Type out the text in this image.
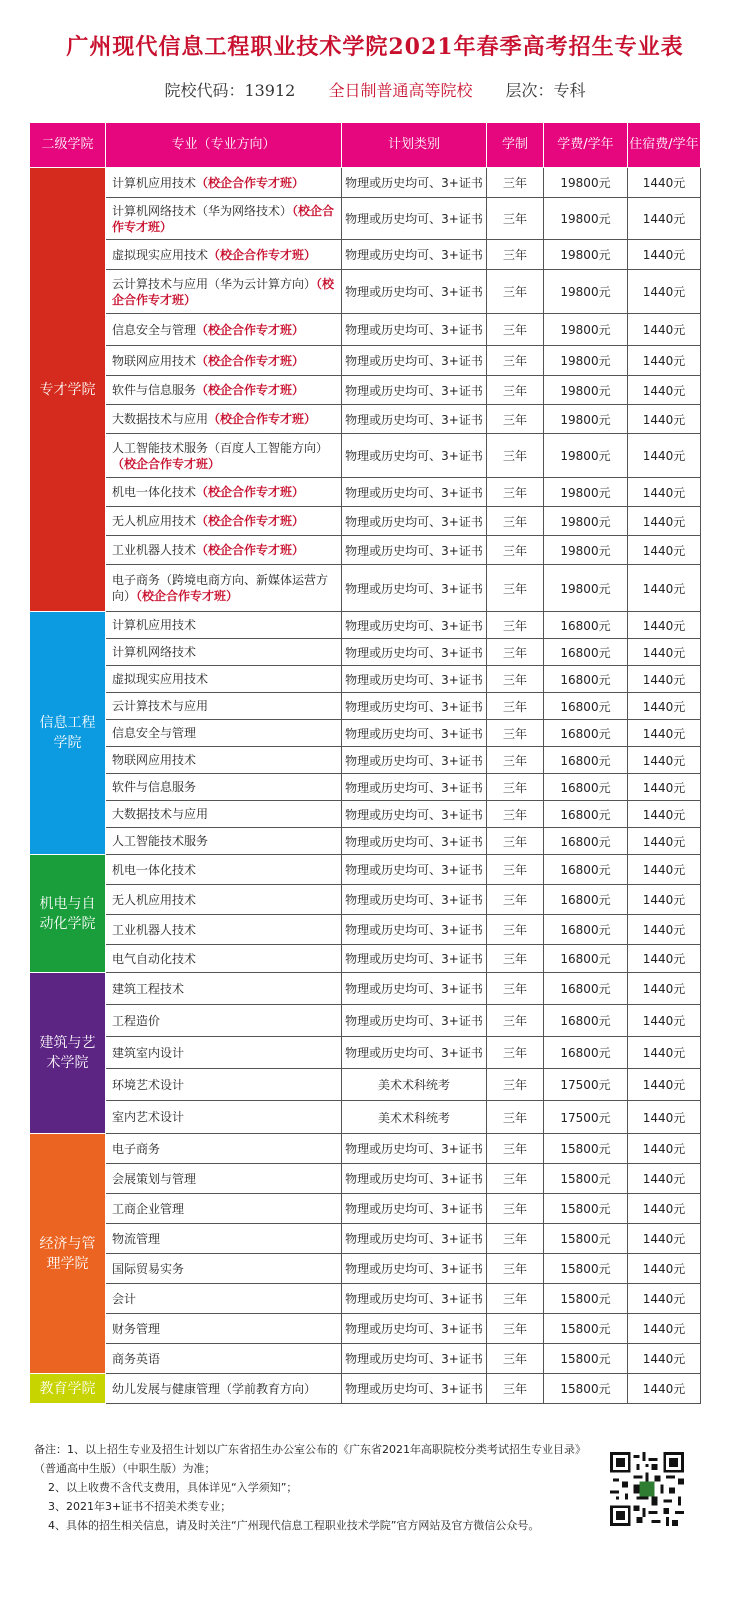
广州现代信息工程职业技术学院2021年春季高考招生专业表
院校代码：13912 全日制普通高等院校 层次：专科
二级学院	专业（专业方向）	计划类别	学制	学费/学年	住宿费/学年

专才学院	计算机应用技术（校企合作专才班）	物理或历史均可、3+证书	三年	19800元	1440元
	计算机网络技术（华为网络技术）（校企合作专才班）	物理或历史均可、3+证书	三年	19800元	1440元
	虚拟现实应用技术（校企合作专才班）	物理或历史均可、3+证书	三年	19800元	1440元
	云计算技术与应用（华为云计算方向）（校企合作专才班）	物理或历史均可、3+证书	三年	19800元	1440元
	信息安全与管理（校企合作专才班）	物理或历史均可、3+证书	三年	19800元	1440元
	物联网应用技术（校企合作专才班）	物理或历史均可、3+证书	三年	19800元	1440元
	软件与信息服务（校企合作专才班）	物理或历史均可、3+证书	三年	19800元	1440元
	大数据技术与应用（校企合作专才班）	物理或历史均可、3+证书	三年	19800元	1440元
	人工智能技术服务（百度人工智能方向）（校企合作专才班）	物理或历史均可、3+证书	三年	19800元	1440元
	机电一体化技术（校企合作专才班）	物理或历史均可、3+证书	三年	19800元	1440元
	无人机应用技术（校企合作专才班）	物理或历史均可、3+证书	三年	19800元	1440元
	工业机器人技术（校企合作专才班）	物理或历史均可、3+证书	三年	19800元	1440元
	电子商务（跨境电商方向、新媒体运营方向）（校企合作专才班）	物理或历史均可、3+证书	三年	19800元	1440元

信息工程学院	计算机应用技术	物理或历史均可、3+证书	三年	16800元	1440元
	计算机网络技术	物理或历史均可、3+证书	三年	16800元	1440元
	虚拟现实应用技术	物理或历史均可、3+证书	三年	16800元	1440元
	云计算技术与应用	物理或历史均可、3+证书	三年	16800元	1440元
	信息安全与管理	物理或历史均可、3+证书	三年	16800元	1440元
	物联网应用技术	物理或历史均可、3+证书	三年	16800元	1440元
	软件与信息服务	物理或历史均可、3+证书	三年	16800元	1440元
	大数据技术与应用	物理或历史均可、3+证书	三年	16800元	1440元
	人工智能技术服务	物理或历史均可、3+证书	三年	16800元	1440元

机电与自动化学院	机电一体化技术	物理或历史均可、3+证书	三年	16800元	1440元
	无人机应用技术	物理或历史均可、3+证书	三年	16800元	1440元
	工业机器人技术	物理或历史均可、3+证书	三年	16800元	1440元
	电气自动化技术	物理或历史均可、3+证书	三年	16800元	1440元

建筑与艺术学院	建筑工程技术	物理或历史均可、3+证书	三年	16800元	1440元
	工程造价	物理或历史均可、3+证书	三年	16800元	1440元
	建筑室内设计	物理或历史均可、3+证书	三年	16800元	1440元
	环境艺术设计	美术术科统考	三年	17500元	1440元
	室内艺术设计	美术术科统考	三年	17500元	1440元

经济与管理学院	电子商务	物理或历史均可、3+证书	三年	15800元	1440元
	会展策划与管理	物理或历史均可、3+证书	三年	15800元	1440元
	工商企业管理	物理或历史均可、3+证书	三年	15800元	1440元
	物流管理	物理或历史均可、3+证书	三年	15800元	1440元
	国际贸易实务	物理或历史均可、3+证书	三年	15800元	1440元
	会计	物理或历史均可、3+证书	三年	15800元	1440元
	财务管理	物理或历史均可、3+证书	三年	15800元	1440元
	商务英语	物理或历史均可、3+证书	三年	15800元	1440元

教育学院	幼儿发展与健康管理（学前教育方向）	物理或历史均可、3+证书	三年	15800元	1440元
备注：1、以上招生专业及招生计划以广东省招生办公室公布的《广东省2021年高职院校分类考试招生专业目录》
（普通高中生版）（中职生版）为准；
2、以上收费不含代支费用，具体详见“入学须知”；
3、2021年3+证书不招美术类专业；
4、具体的招生相关信息，请及时关注“广州现代信息工程职业技术学院”官方网站及官方微信公众号。
